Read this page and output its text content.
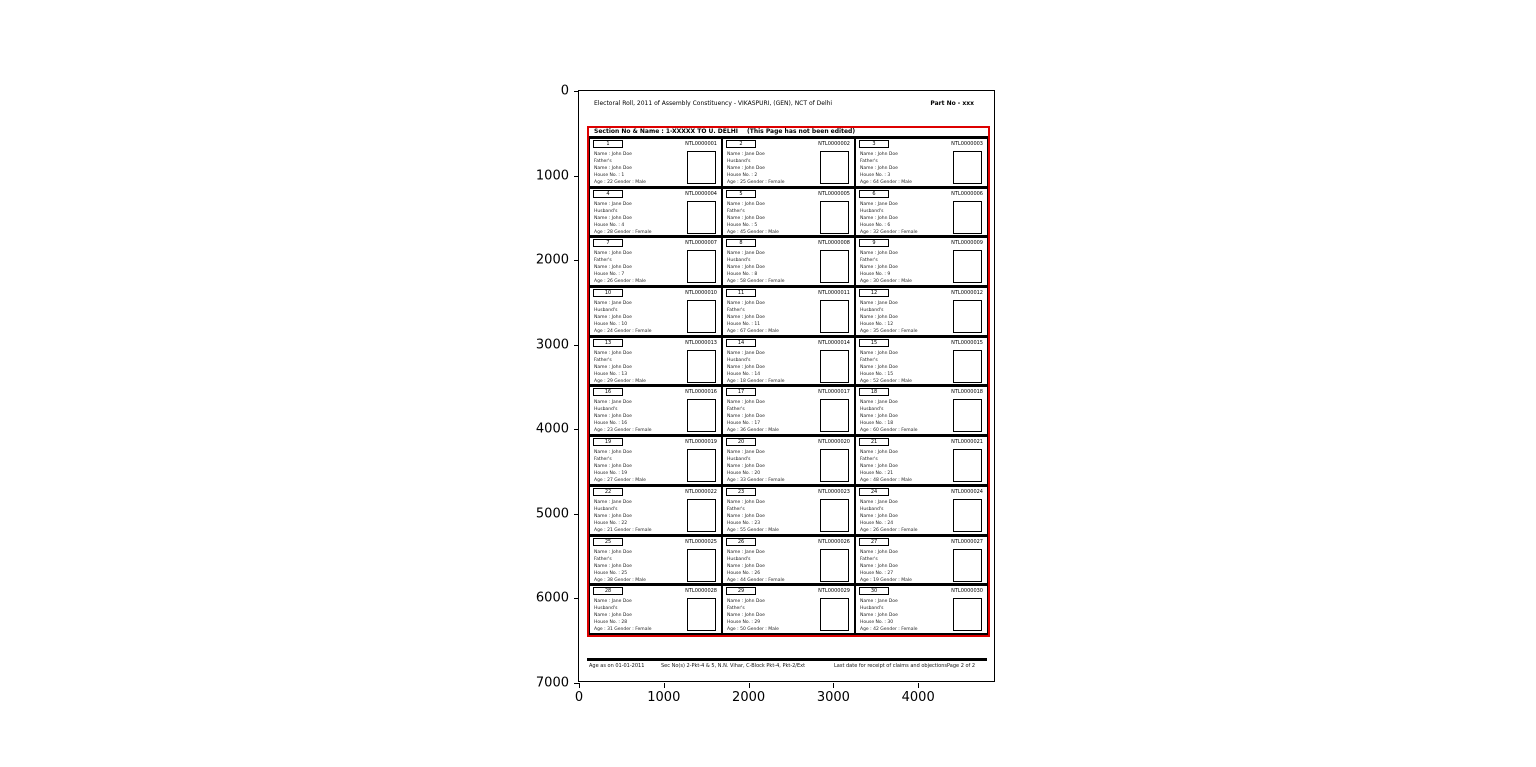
0
1000
2000
3000
4000
5000
6000
7000
0	1000	2000	3000	4000
Electoral Roll, 2011 of Assembly Constituency - VIKASPURI, (GEN), NCT of Delhi	Part No - xxx
Section No & Name : 1-XXXXX TO U. DELHI (This Page has not been edited)
1	NTL0000001
Name : John Doe
Father's
Name : John Doe
House No. : 1
Age : 22 Gender : Male
2	NTL0000002
Name : Jane Doe
Husband's
Name : John Doe
House No. : 2
Age : 25 Gender : Female
3	NTL0000003
Name : John Doe
Father's
Name : John Doe
House No. : 3
Age : 64 Gender : Male
4	NTL0000004
Name : Jane Doe
Husband's
Name : John Doe
House No. : 4
Age : 28 Gender : Female
5	NTL0000005
Name : John Doe
Father's
Name : John Doe
House No. : 5
Age : 45 Gender : Male
6	NTL0000006
Name : Jane Doe
Husband's
Name : John Doe
House No. : 6
Age : 32 Gender : Female
7	NTL0000007
Name : John Doe
Father's
Name : John Doe
House No. : 7
Age : 26 Gender : Male
8	NTL0000008
Name : Jane Doe
Husband's
Name : John Doe
House No. : 8
Age : 58 Gender : Female
9	NTL0000009
Name : John Doe
Father's
Name : John Doe
House No. : 9
Age : 30 Gender : Male
10	NTL0000010
Name : Jane Doe
Husband's
Name : John Doe
House No. : 10
Age : 24 Gender : Female
11	NTL0000011
Name : John Doe
Father's
Name : John Doe
House No. : 11
Age : 67 Gender : Male
12	NTL0000012
Name : Jane Doe
Husband's
Name : John Doe
House No. : 12
Age : 35 Gender : Female
13	NTL0000013
Name : John Doe
Father's
Name : John Doe
House No. : 13
Age : 29 Gender : Male
14	NTL0000014
Name : Jane Doe
Husband's
Name : John Doe
House No. : 14
Age : 18 Gender : Female
15	NTL0000015
Name : John Doe
Father's
Name : John Doe
House No. : 15
Age : 52 Gender : Male
16	NTL0000016
Name : Jane Doe
Husband's
Name : John Doe
House No. : 16
Age : 23 Gender : Female
17	NTL0000017
Name : John Doe
Father's
Name : John Doe
House No. : 17
Age : 36 Gender : Male
18	NTL0000018
Name : Jane Doe
Husband's
Name : John Doe
House No. : 18
Age : 60 Gender : Female
19	NTL0000019
Name : John Doe
Father's
Name : John Doe
House No. : 19
Age : 27 Gender : Male
20	NTL0000020
Name : Jane Doe
Husband's
Name : John Doe
House No. : 20
Age : 33 Gender : Female
21	NTL0000021
Name : John Doe
Father's
Name : John Doe
House No. : 21
Age : 48 Gender : Male
22	NTL0000022
Name : Jane Doe
Husband's
Name : John Doe
House No. : 22
Age : 21 Gender : Female
23	NTL0000023
Name : John Doe
Father's
Name : John Doe
House No. : 23
Age : 55 Gender : Male
24	NTL0000024
Name : Jane Doe
Husband's
Name : John Doe
House No. : 24
Age : 26 Gender : Female
25	NTL0000025
Name : John Doe
Father's
Name : John Doe
House No. : 25
Age : 38 Gender : Male
26	NTL0000026
Name : Jane Doe
Husband's
Name : John Doe
House No. : 26
Age : 44 Gender : Female
27	NTL0000027
Name : John Doe
Father's
Name : John Doe
House No. : 27
Age : 19 Gender : Male
28	NTL0000028
Name : Jane Doe
Husband's
Name : John Doe
House No. : 28
Age : 31 Gender : Female
29	NTL0000029
Name : John Doe
Father's
Name : John Doe
House No. : 29
Age : 50 Gender : Male
30	NTL0000030
Name : Jane Doe
Husband's
Name : John Doe
House No. : 30
Age : 42 Gender : Female
Age as on 01-01-2011	Sec No(s) 2-Pkt-4 & 5, N.N. Vihar, C-Block Pkt-4, Pkt-2/Ext	Last date for receipt of claims and objections Page 2 of 2
